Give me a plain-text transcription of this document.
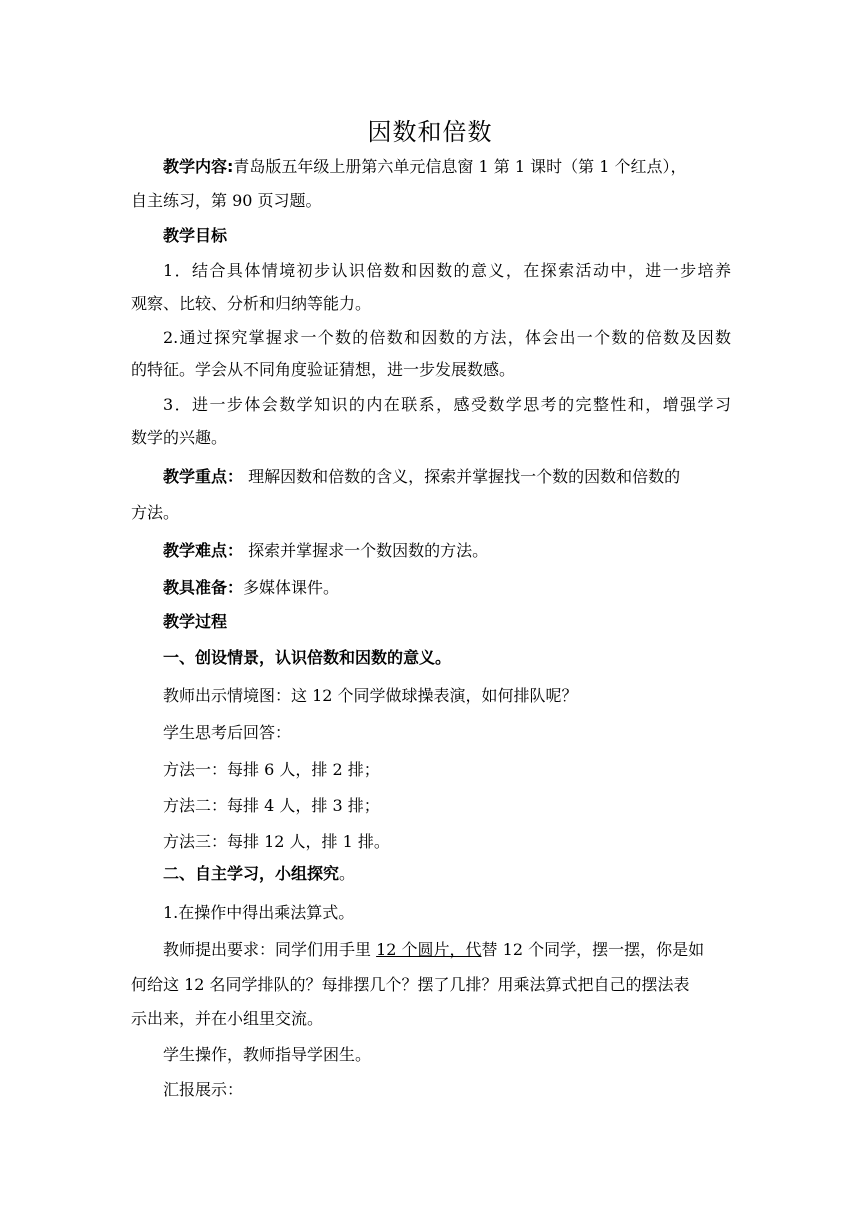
因数和倍数
教学内容:青岛版五年级上册第六单元信息窗 1 第 1 课时（第 1 个红点），
自主练习，第 90 页习题。
教学目标
1．结合具体情境初步认识倍数和因数的意义，在探索活动中，进一步培养
观察、比较、分析和归纳等能力。
2.通过探究掌握求一个数的倍数和因数的方法，体会出一个数的倍数及因数
的特征。学会从不同角度验证猜想，进一步发展数感。
3．进一步体会数学知识的内在联系，感受数学思考的完整性和，增强学习
数学的兴趣。
教学重点： 理解因数和倍数的含义，探索并掌握找一个数的因数和倍数的
方法。
教学难点： 探索并掌握求一个数因数的方法。
教具准备：多媒体课件。
教学过程
一、创设情景，认识倍数和因数的意义。
教师出示情境图：这 12 个同学做球操表演，如何排队呢？
学生思考后回答：
方法一：每排 6 人，排 2 排；
方法二：每排 4 人，排 3 排；
方法三：每排 12 人，排 1 排。
二、自主学习，小组探究。
1.在操作中得出乘法算式。
教师提出要求：同学们用手里 12 个圆片，代替 12 个同学，摆一摆，你是如
何给这 12 名同学排队的？每排摆几个？摆了几排？用乘法算式把自己的摆法表
示出来，并在小组里交流。
学生操作，教师指导学困生。
汇报展示：
